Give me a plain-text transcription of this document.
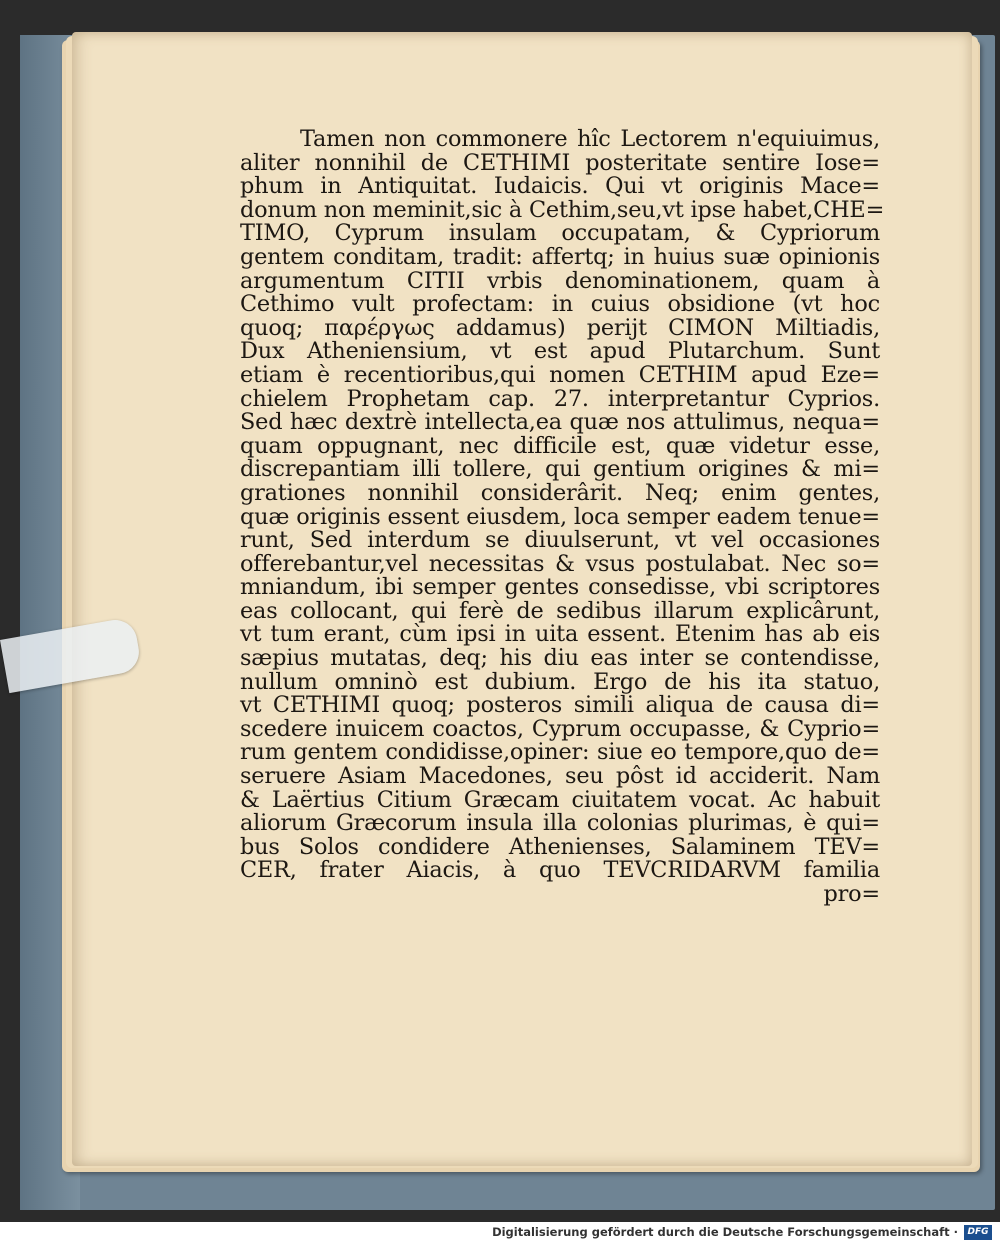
Tamen non commonere hîc Lectorem n'equiuimus,
aliter nonnihil de CETHIMI posteritate sentire Iose=
phum in Antiquitat. Iudaicis. Qui vt originis Mace=
donum non meminit,sic à Cethim,seu,vt ipse habet,CHE=
TIMO, Cyprum insulam occupatam, & Cypriorum
gentem conditam, tradit: affertq; in huius suæ opinionis
argumentum CITII vrbis denominationem, quam à
Cethimo vult profectam: in cuius obsidione (vt hoc
quoq; παρέργως addamus) perijt CIMON Miltiadis,
Dux Atheniensium, vt est apud Plutarchum. Sunt
etiam è recentioribus,qui nomen CETHIM apud Eze=
chielem Prophetam cap. 27. interpretantur Cyprios.
Sed hæc dextrè intellecta,ea quæ nos attulimus, nequa=
quam oppugnant, nec difficile est, quæ videtur esse,
discrepantiam illi tollere, qui gentium origines & mi=
grationes nonnihil considerârit. Neq; enim gentes,
quæ originis essent eiusdem, loca semper eadem tenue=
runt, Sed interdum se diuulserunt, vt vel occasiones
offerebantur,vel necessitas & vsus postulabat. Nec so=
mniandum, ibi semper gentes consedisse, vbi scriptores
eas collocant, qui ferè de sedibus illarum explicârunt,
vt tum erant, cùm ipsi in uita essent. Etenim has ab eis
sæpius mutatas, deq; his diu eas inter se contendisse,
nullum omninò est dubium. Ergo de his ita statuo,
vt CETHIMI quoq; posteros simili aliqua de causa di=
scedere inuicem coactos, Cyprum occupasse, & Cyprio=
rum gentem condidisse,opiner: siue eo tempore,quo de=
seruere Asiam Macedones, seu pôst id acciderit. Nam
& Laërtius Citium Græcam ciuitatem vocat. Ac habuit
aliorum Græcorum insula illa colonias plurimas, è qui=
bus Solos condidere Athenienses, Salaminem TEV=
CER, frater Aiacis, à quo TEVCRIDARVM familia
pro=
Digitalisierung gefördert durch die Deutsche Forschungsgemeinschaft ·	DFG
